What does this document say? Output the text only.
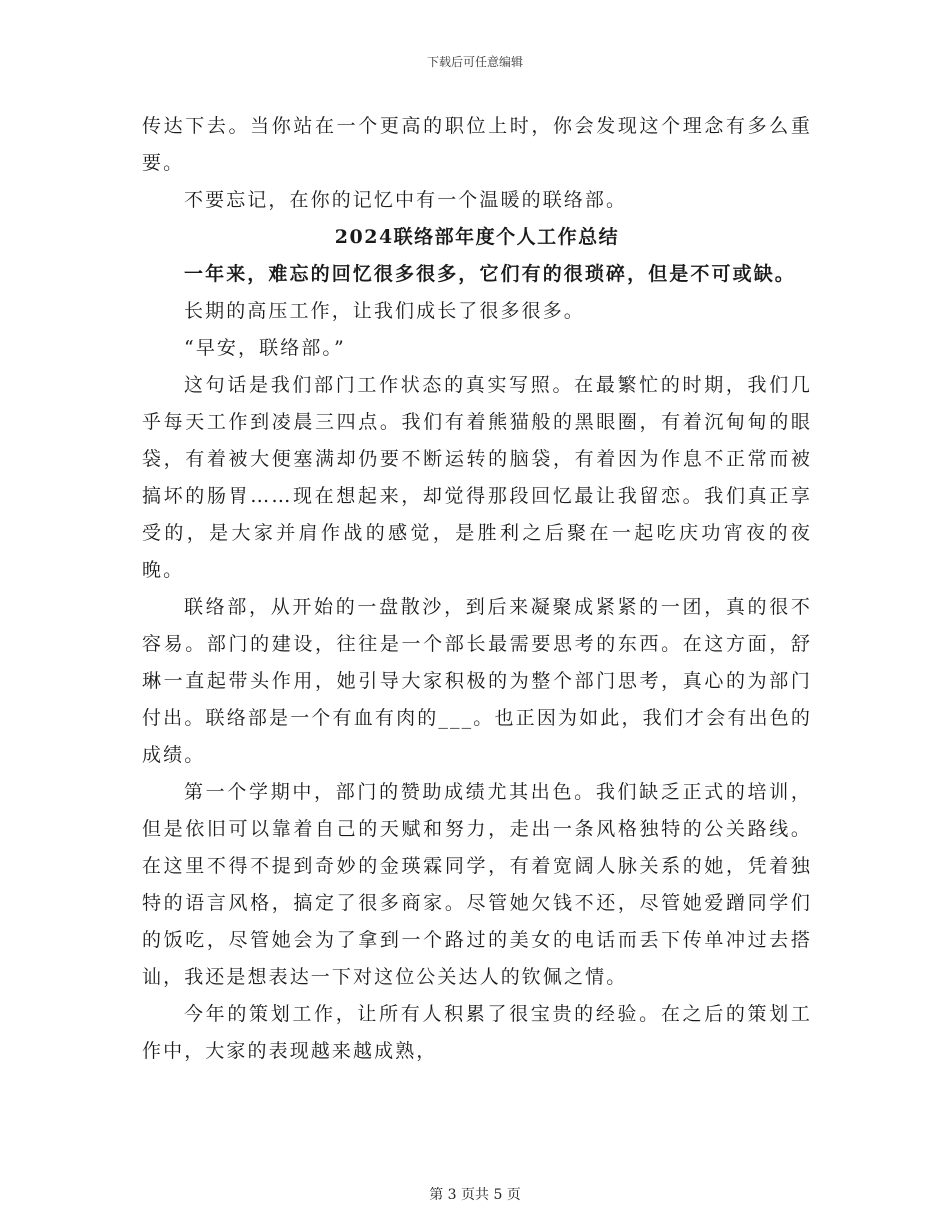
下载后可任意编辑

传达下去。当你站在一个更高的职位上时，你会发现这个理念有多么重要。

不要忘记，在你的记忆中有一个温暖的联络部。

2024联络部年度个人工作总结

一年来，难忘的回忆很多很多，它们有的很琐碎，但是不可或缺。

长期的高压工作，让我们成长了很多很多。

“早安，联络部。”

这句话是我们部门工作状态的真实写照。在最繁忙的时期，我们几乎每天工作到凌晨三四点。我们有着熊猫般的黑眼圈，有着沉甸甸的眼袋，有着被大便塞满却仍要不断运转的脑袋，有着因为作息不正常而被搞坏的肠胃……现在想起来，却觉得那段回忆最让我留恋。我们真正享受的，是大家并肩作战的感觉，是胜利之后聚在一起吃庆功宵夜的夜晚。

联络部，从开始的一盘散沙，到后来凝聚成紧紧的一团，真的很不容易。部门的建设，往往是一个部长最需要思考的东西。在这方面，舒琳一直起带头作用，她引导大家积极的为整个部门思考，真心的为部门付出。联络部是一个有血有肉的___。也正因为如此，我们才会有出色的成绩。

第一个学期中，部门的赞助成绩尤其出色。我们缺乏正式的培训，但是依旧可以靠着自己的天赋和努力，走出一条风格独特的公关路线。在这里不得不提到奇妙的金瑛霖同学，有着宽阔人脉关系的她，凭着独特的语言风格，搞定了很多商家。尽管她欠钱不还，尽管她爱蹭同学们的饭吃，尽管她会为了拿到一个路过的美女的电话而丢下传单冲过去搭讪，我还是想表达一下对这位公关达人的钦佩之情。

今年的策划工作，让所有人积累了很宝贵的经验。在之后的策划工作中，大家的表现越来越成熟，

第 3 页共 5 页
